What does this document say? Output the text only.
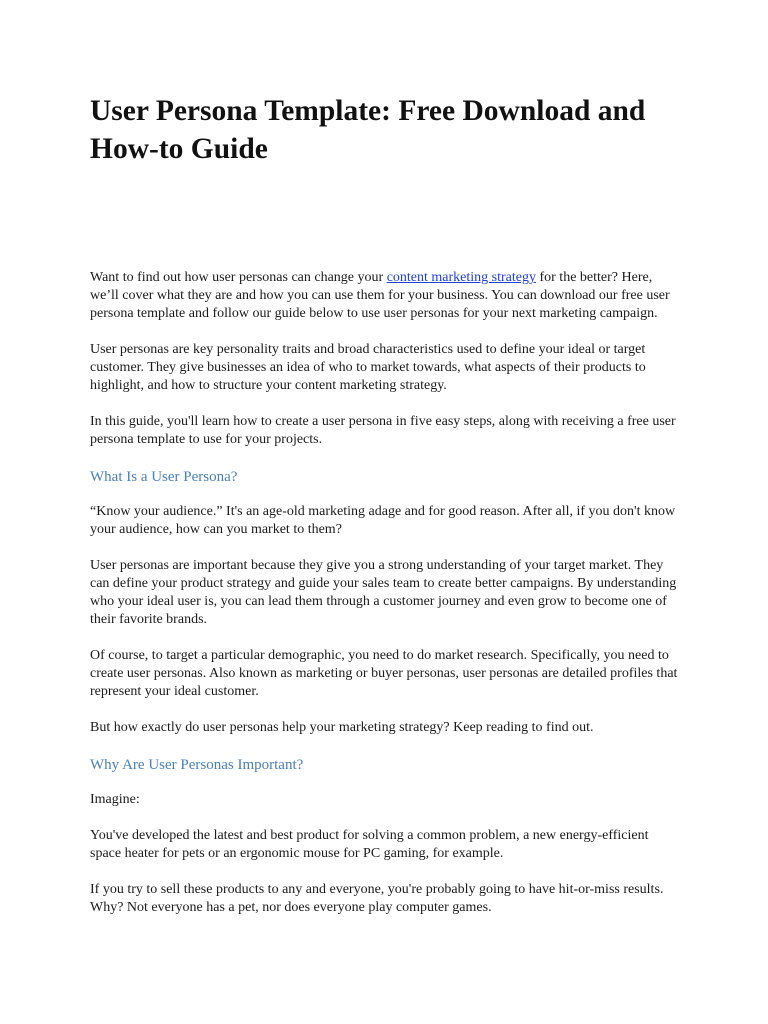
User Persona Template: Free Download and How-to Guide

Want to find out how user personas can change your content marketing strategy for the better? Here, we’ll cover what they are and how you can use them for your business. You can download our free user persona template and follow our guide below to use user personas for your next marketing campaign.

User personas are key personality traits and broad characteristics used to define your ideal or target customer. They give businesses an idea of who to market towards, what aspects of their products to highlight, and how to structure your content marketing strategy.

In this guide, you'll learn how to create a user persona in five easy steps, along with receiving a free user persona template to use for your projects.

What Is a User Persona?

“Know your audience.” It's an age-old marketing adage and for good reason. After all, if you don't know your audience, how can you market to them?

User personas are important because they give you a strong understanding of your target market. They can define your product strategy and guide your sales team to create better campaigns. By understanding who your ideal user is, you can lead them through a customer journey and even grow to become one of their favorite brands.

Of course, to target a particular demographic, you need to do market research. Specifically, you need to create user personas. Also known as marketing or buyer personas, user personas are detailed profiles that represent your ideal customer.

But how exactly do user personas help your marketing strategy? Keep reading to find out.

Why Are User Personas Important?

Imagine:

You've developed the latest and best product for solving a common problem, a new energy-efficient space heater for pets or an ergonomic mouse for PC gaming, for example.

If you try to sell these products to any and everyone, you're probably going to have hit-or-miss results. Why? Not everyone has a pet, nor does everyone play computer games.
